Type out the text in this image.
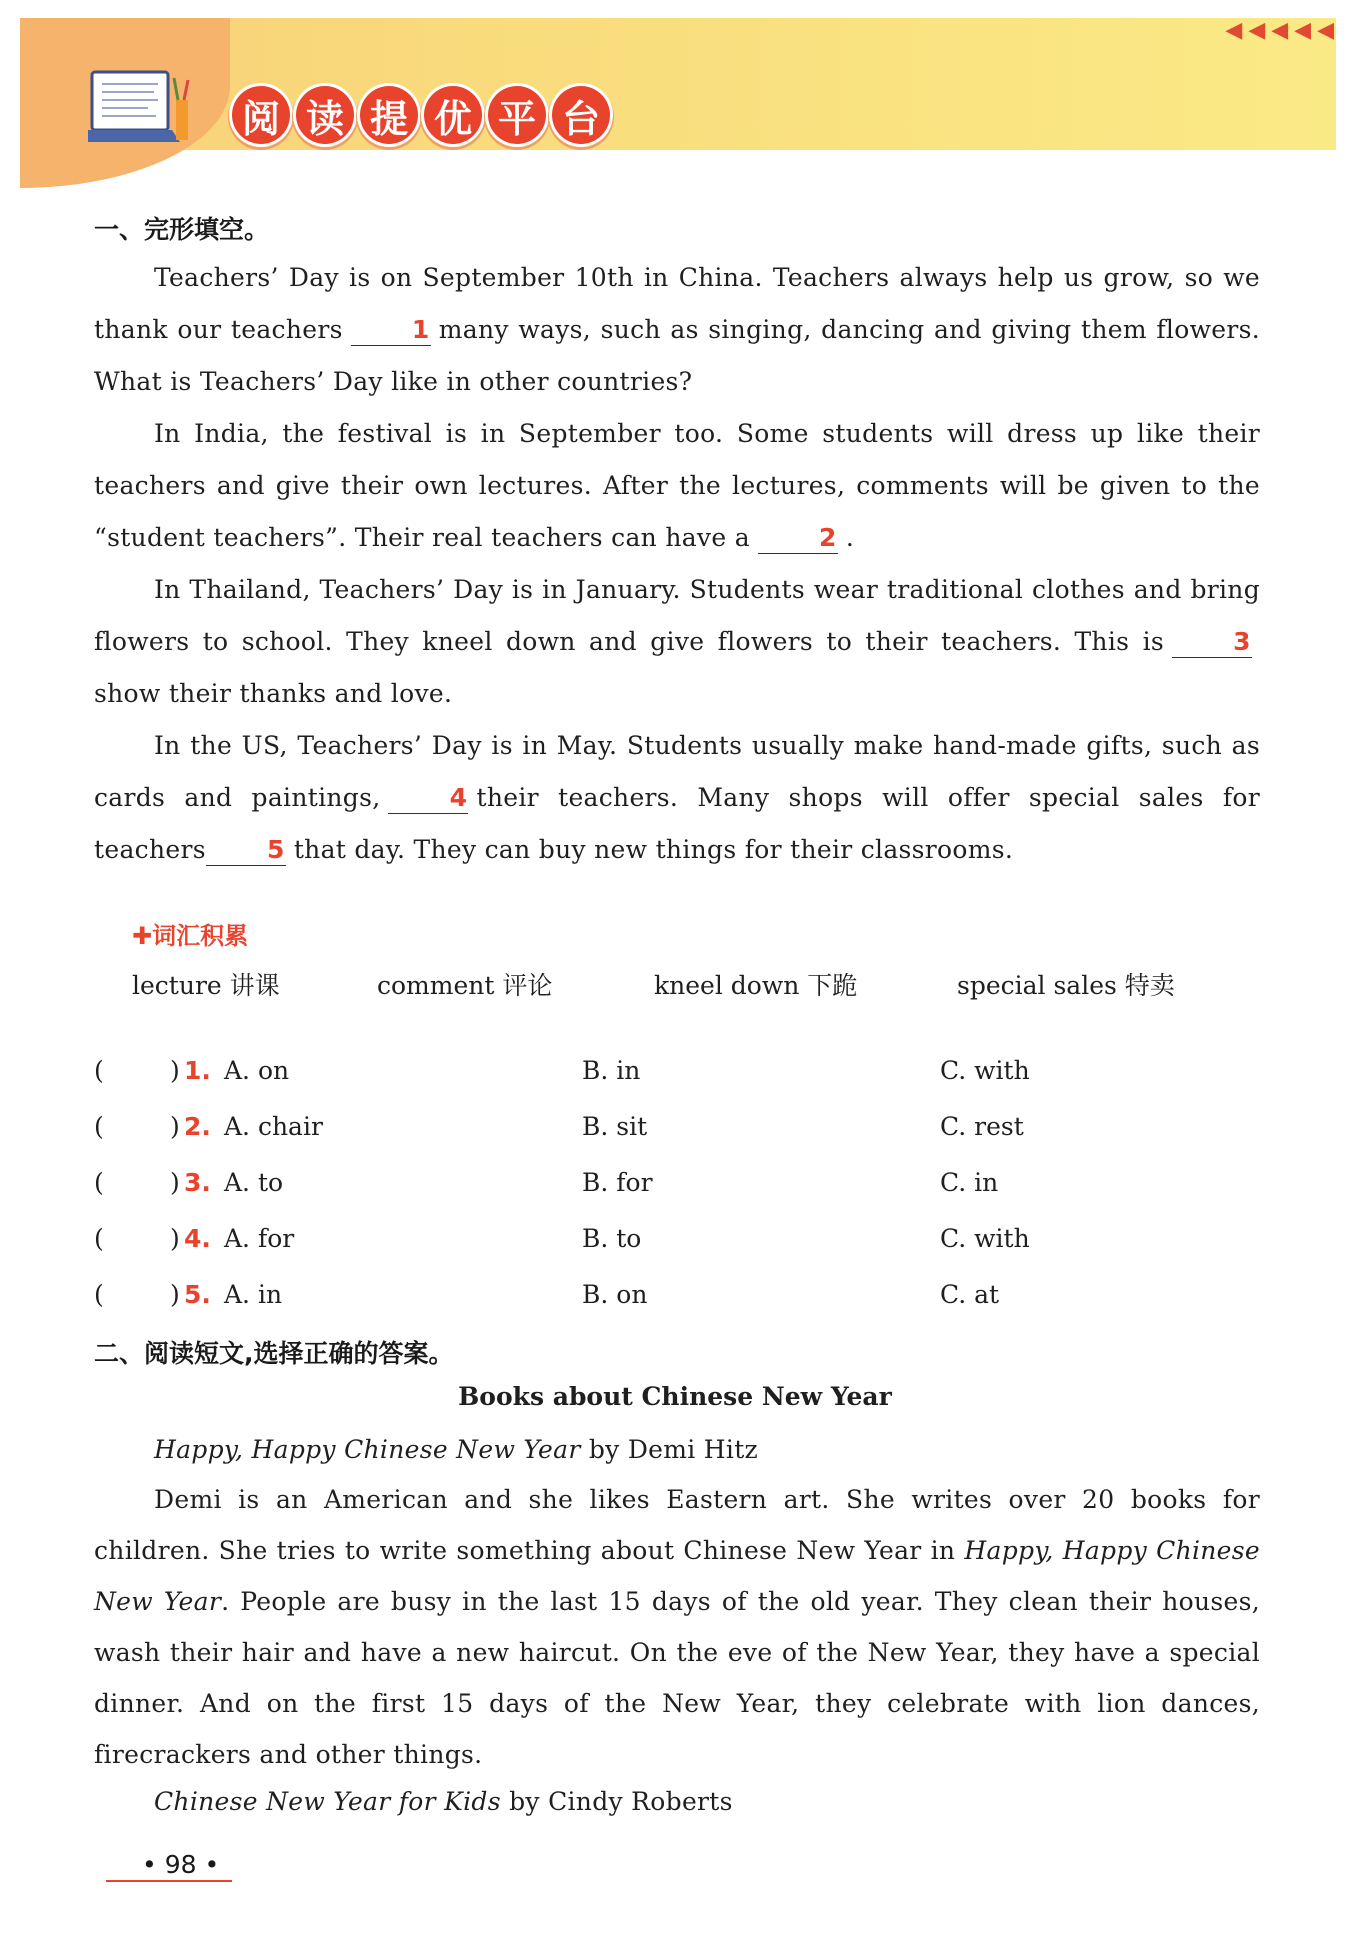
阅 读 提 优 平 台
◀ ◀ ◀ ◀ ◀
一、完形填空。
Teachers’ Day is on September 10th in China. Teachers always help us grow, so we thank our teachers	1 many ways, such as singing, dancing and giving them flowers. What is Teachers’ Day like in other countries?
In India, the festival is in September too. Some students will dress up like their teachers and give their own lectures. After the lectures, comments will be given to the “student teachers”. Their real teachers can have a	2 .
In Thailand, Teachers’ Day is in January. Students wear traditional clothes and bring flowers to school. They kneel down and give flowers to their teachers. This is	3show their thanks and love.
In the US, Teachers’ Day is in May. Students usually make hand-made gifts, such as cards and paintings,	4 their teachers. Many shops will offer special sales for teachers 5 that day. They can buy new things for their classrooms.
✚词汇积累
lecture 讲课	comment 评论	kneel down 下跪	special sales 特卖
(	) 1. A. on	B. in	C. with
(	) 2. A. chair	B. sit	C. rest
(	) 3. A. to	B. for	C. in
(	) 4. A. for	B. to	C. with
(	) 5. A. in	B. on	C. at
二、阅读短文,选择正确的答案。
Books about Chinese New Year
Happy, Happy Chinese New Year by Demi Hitz
Demi is an American and she likes Eastern art. She writes over 20 books for children. She tries to write something about Chinese New Year in Happy, Happy Chinese New Year. People are busy in the last 15 days of the old year. They clean their houses, wash their hair and have a new haircut. On the eve of the New Year, they have a special dinner. And on the first 15 days of the New Year, they celebrate with lion dances, firecrackers and other things.
Chinese New Year for Kids by Cindy Roberts
• 98 •
